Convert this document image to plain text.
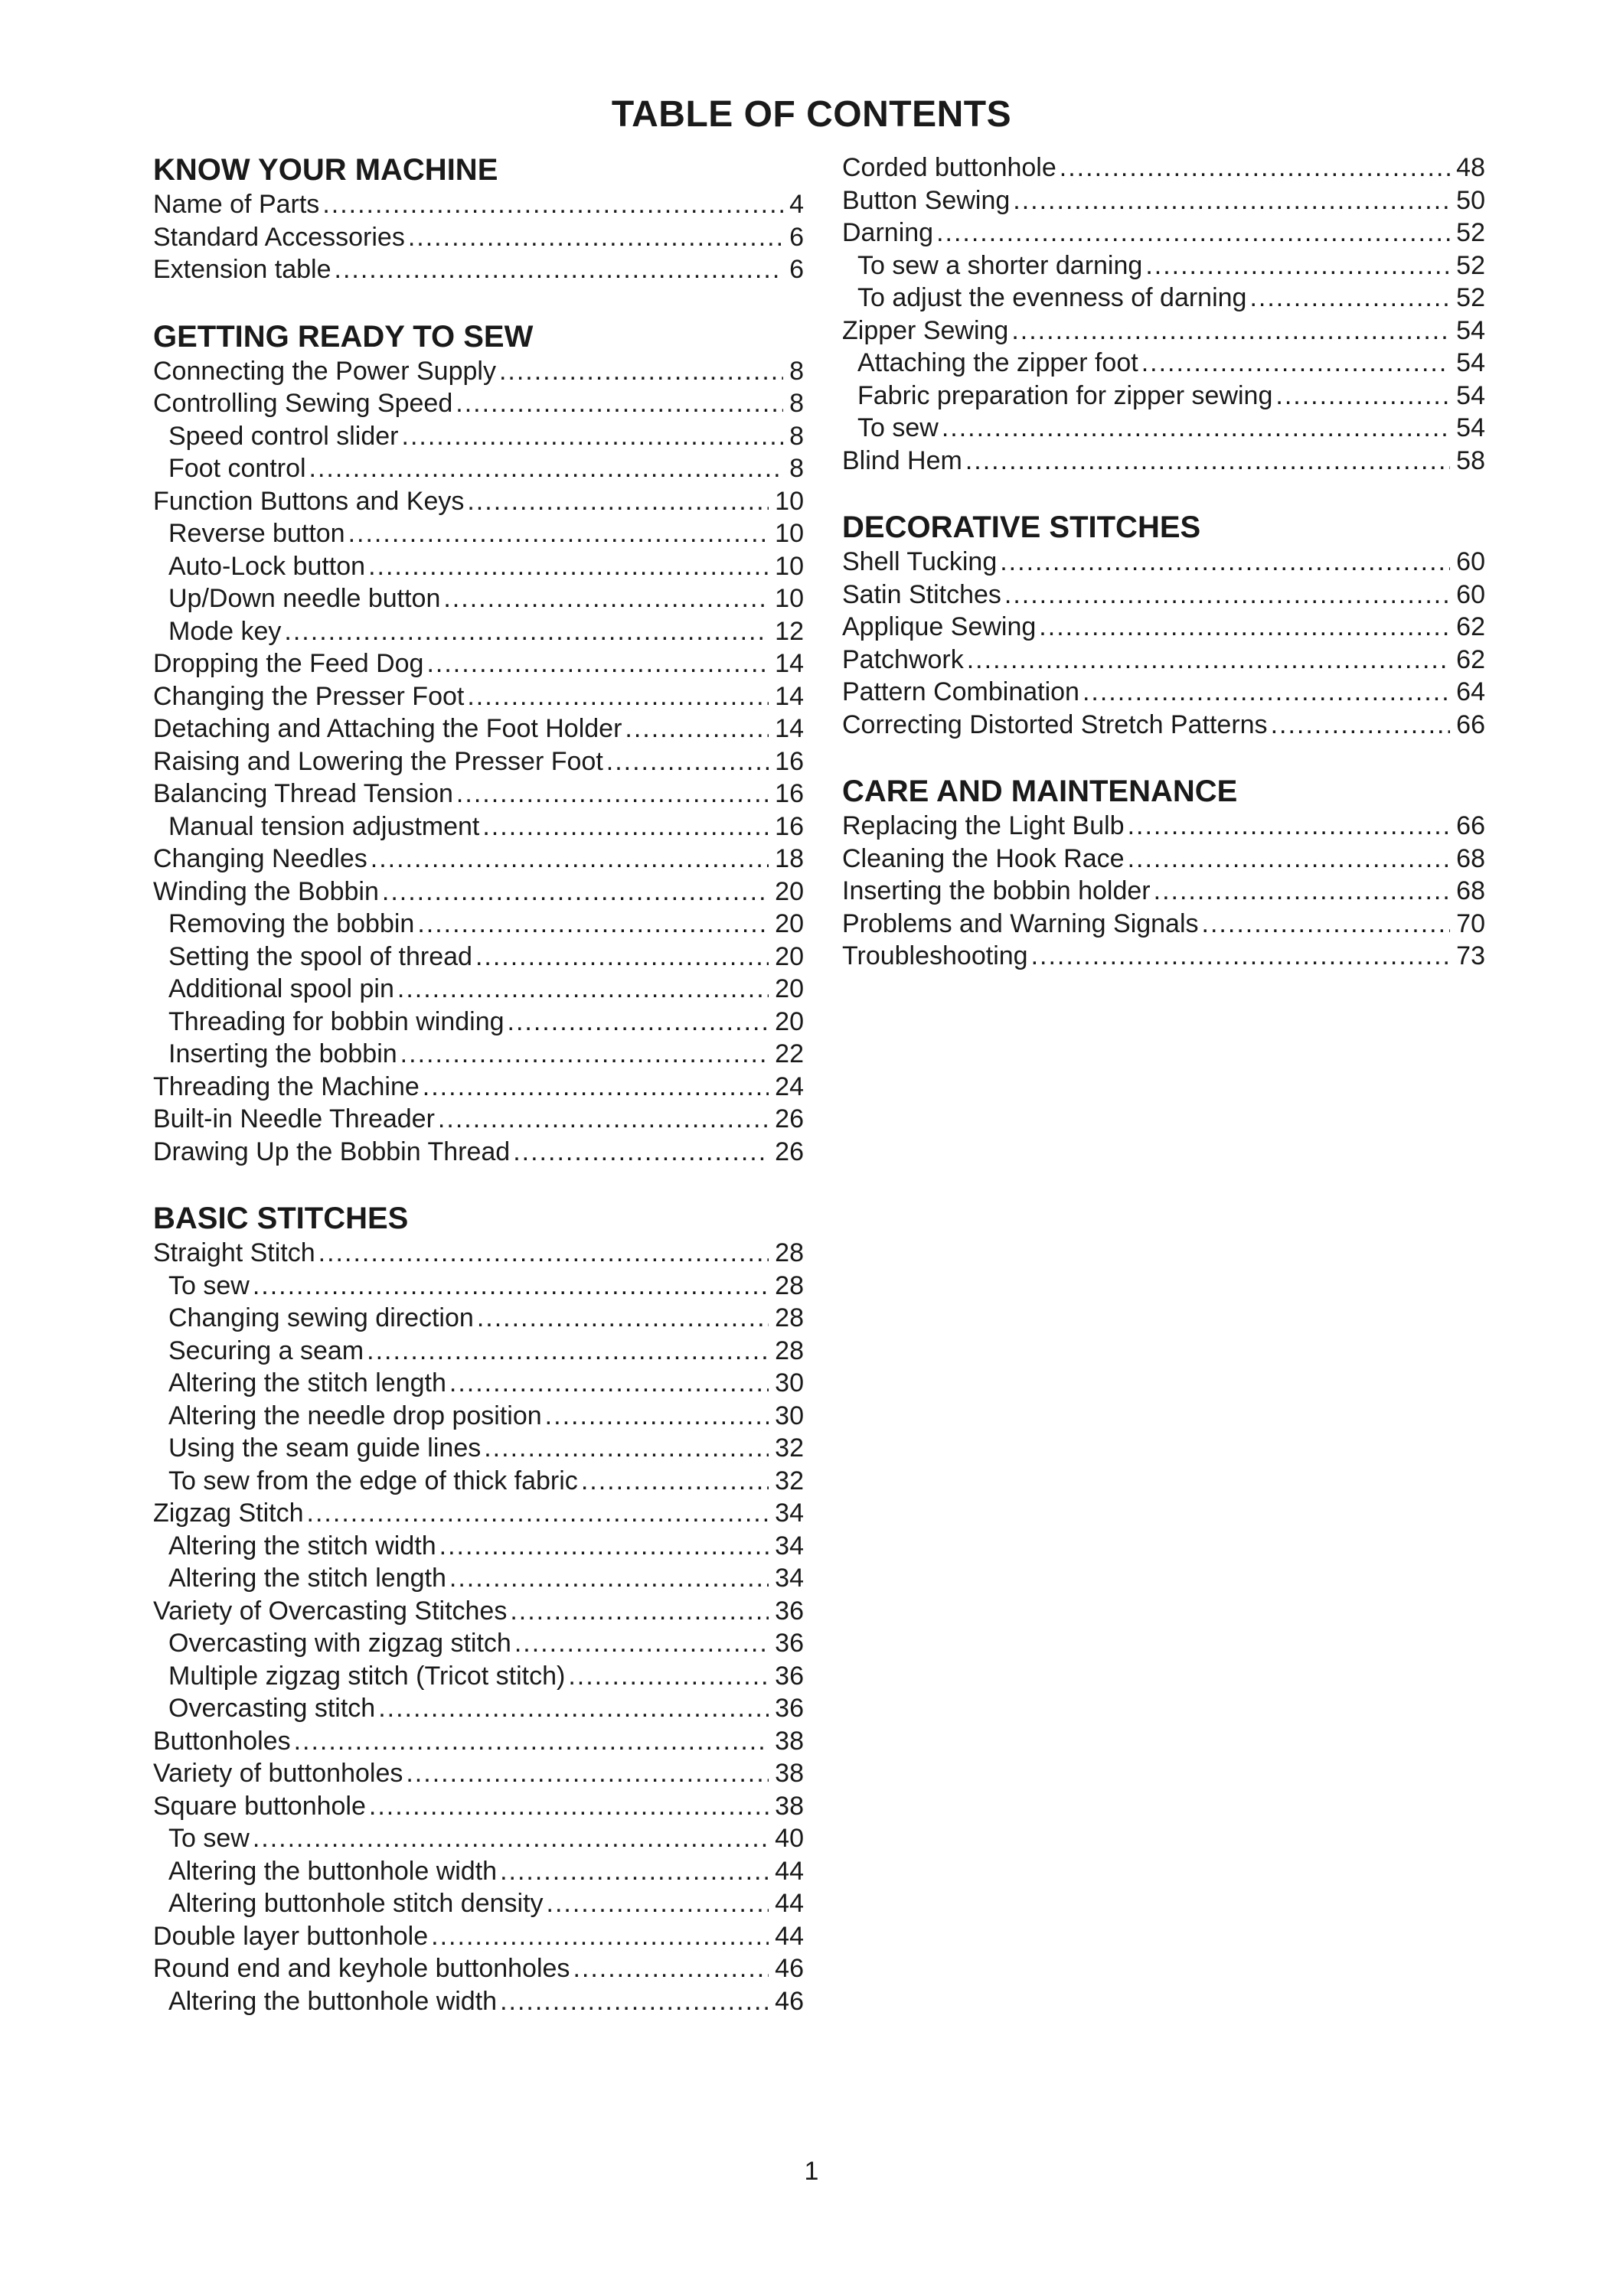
TABLE OF CONTENTS
KNOW YOUR MACHINE
Name of Parts .....	4
Standard Accessories .....	6
Extension table .....	6
GETTING READY TO SEW
Connecting the Power Supply .....	8
Controlling Sewing Speed .....	8
Speed control slider .....	8
Foot control .....	8
Function Buttons and Keys .....	10
Reverse button .....	10
Auto-Lock button .....	10
Up/Down needle button .....	10
Mode key .....	12
Dropping the Feed Dog .....	14
Changing the Presser Foot .....	14
Detaching and Attaching the Foot Holder .....	14
Raising and Lowering the Presser Foot .....	16
Balancing Thread Tension .....	16
Manual tension adjustment .....	16
Changing Needles .....	18
Winding the Bobbin .....	20
Removing the bobbin .....	20
Setting the spool of thread .....	20
Additional spool pin .....	20
Threading for bobbin winding .....	20
Inserting the bobbin .....	22
Threading the Machine .....	24
Built-in Needle Threader .....	26
Drawing Up the Bobbin Thread .....	26
BASIC STITCHES
Straight Stitch .....	28
To sew .....	28
Changing sewing direction .....	28
Securing a seam .....	28
Altering the stitch length .....	30
Altering the needle drop position .....	30
Using the seam guide lines .....	32
To sew from the edge of thick fabric .....	32
Zigzag Stitch .....	34
Altering the stitch width .....	34
Altering the stitch length .....	34
Variety of Overcasting Stitches .....	36
Overcasting with zigzag stitch .....	36
Multiple zigzag stitch (Tricot stitch) .....	36
Overcasting stitch .....	36
Buttonholes .....	38
Variety of buttonholes .....	38
Square buttonhole .....	38
To sew .....	40
Altering the buttonhole width .....	44
Altering buttonhole stitch density .....	44
Double layer buttonhole .....	44
Round end and keyhole buttonholes .....	46
Altering the buttonhole width .....	46
Corded buttonhole .....	48
Button Sewing .....	50
Darning .....	52
To sew a shorter darning .....	52
To adjust the evenness of darning .....	52
Zipper Sewing .....	54
Attaching the zipper foot .....	54
Fabric preparation for zipper sewing .....	54
To sew .....	54
Blind Hem .....	58
DECORATIVE STITCHES
Shell Tucking .....	60
Satin Stitches .....	60
Applique Sewing .....	62
Patchwork .....	62
Pattern Combination .....	64
Correcting Distorted Stretch Patterns .....	66
CARE AND MAINTENANCE
Replacing the Light Bulb .....	66
Cleaning the Hook Race .....	68
Inserting the bobbin holder .....	68
Problems and Warning Signals .....	70
Troubleshooting .....	73
1
